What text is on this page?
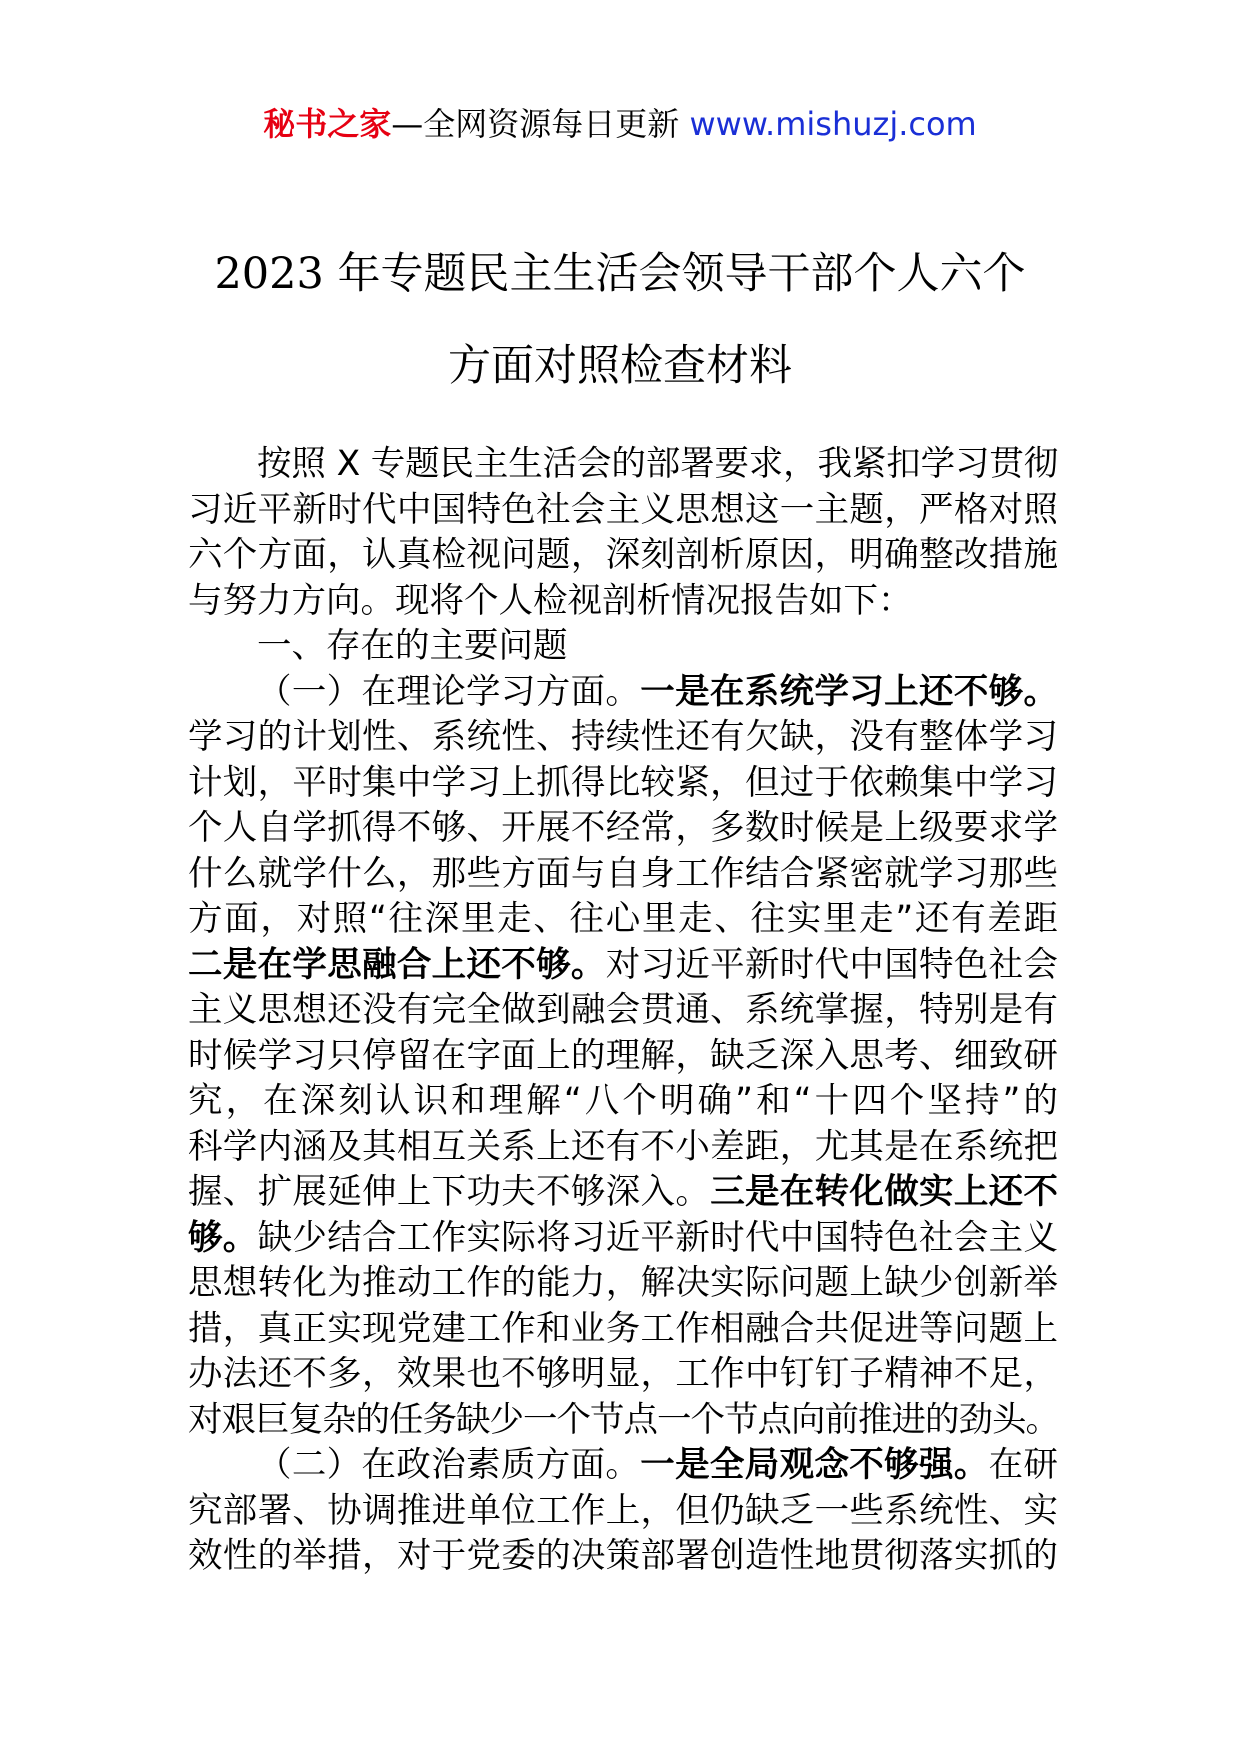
秘书之家—全网资源每日更新 www.mishuzj.com
2023 年专题民主生活会领导干部个人六个
方面对照检查材料
按照 X 专题民主生活会的部署要求，我紧扣学习贯彻
习近平新时代中国特色社会主义思想这一主题，严格对照
六个方面，认真检视问题，深刻剖析原因，明确整改措施
与努力方向。现将个人检视剖析情况报告如下：
一、存在的主要问题
（一）在理论学习方面。一是在系统学习上还不够。
学习的计划性、系统性、持续性还有欠缺，没有整体学习
计划，平时集中学习上抓得比较紧，但过于依赖集中学习
个人自学抓得不够、开展不经常，多数时候是上级要求学
什么就学什么，那些方面与自身工作结合紧密就学习那些
方面，对照“往深里走、往心里走、往实里走”还有差距
二是在学思融合上还不够。对习近平新时代中国特色社会
主义思想还没有完全做到融会贯通、系统掌握，特别是有
时候学习只停留在字面上的理解，缺乏深入思考、细致研
究，在深刻认识和理解“八个明确”和“十四个坚持”的
科学内涵及其相互关系上还有不小差距，尤其是在系统把
握、扩展延伸上下功夫不够深入。三是在转化做实上还不
够。缺少结合工作实际将习近平新时代中国特色社会主义
思想转化为推动工作的能力，解决实际问题上缺少创新举
措，真正实现党建工作和业务工作相融合共促进等问题上
办法还不多，效果也不够明显，工作中钉钉子精神不足，
对艰巨复杂的任务缺少一个节点一个节点向前推进的劲头。
（二）在政治素质方面。一是全局观念不够强。在研
究部署、协调推进单位工作上，但仍缺乏一些系统性、实
效性的举措，对于党委的决策部署创造性地贯彻落实抓的
